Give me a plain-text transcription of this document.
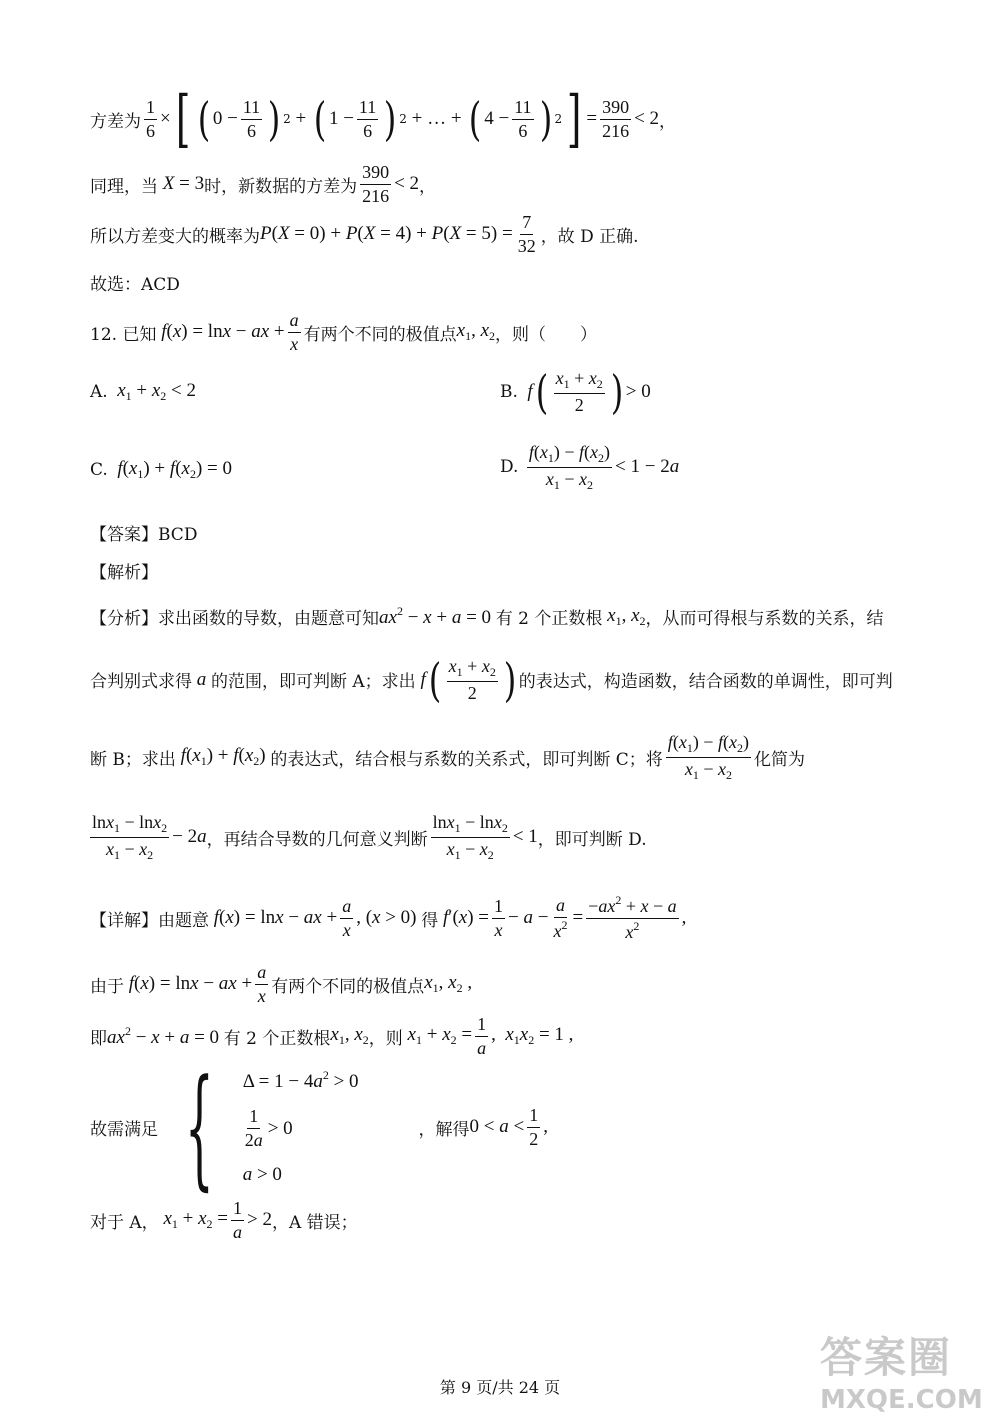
方差为 $\frac{1}{6}$ × [ ( $0 - \frac{11}{6}$ ) 2 + ( $1 - \frac{11}{6}$ ) 2 + … + ( $4 - \frac{11}{6}$ ) 2 ] = $\frac{390}{216} < 2$ ，
同理，当 X = 3 时，新数据的方差为 $\frac{390}{216} < 2$ ，
所以方差变大的概率为 $P(X = 0) + P(X = 4) + P(X = 5) = \frac{7}{32}$ ，故 D 正确.
故选：ACD
12. 已知 f(x) = lnx − ax + $\frac{a}{x}$ 有两个不同的极值点 $x_1$, $x_2$ ，则（　　）
A. $x_1 + x_2 < 2$	B. f ( $\frac{x_1 + x_2}{2}$ ) > 0
C. $f(x_1) + f(x_2) = 0$	D.
$\frac{f(x_1) - f(x_2)}{x_1 - x_2} < 1 - 2a$
【答案】BCD
【解析】
【分析】求出函数的导数，由题意可知 $ax^2 - x + a = 0$ 有 2 个正数根 $x_1$, $x_2$ ，从而可得根与系数的关系，结
合判别式求得 a 的范围，即可判断 A；求出 f ( $\frac{x_1 + x_2}{2}$ ) 的表达式，构造函数，结合函数的单调性，即可判
断 B；求出 $f(x_1) + f(x_2)$ 的表达式，结合根与系数的关系式，即可判断 C；将 $\frac{f(x_1) - f(x_2)}{x_1 - x_2}$ 化简为
$\frac{\ln x_1 - \ln x_2}{x_1 - x_2} - 2a$ ，再结合导数的几何意义判断 $\frac{\ln x_1 - \ln x_2}{x_1 - x_2} < 1$ ，即可判断 D.
【详解】由题意 f(x) = lnx − ax + $\frac{a}{x}$ , (x > 0) 得 $f'(x) = \frac{1}{x} - a - \frac{a}{x^2} = \frac{-ax^2 + x - a}{x^2}$ ,
由于 f(x) = lnx − ax + $\frac{a}{x}$ 有两个不同的极值点 $x_1$, $x_2$ ,
即 $ax^2 - x + a = 0$ 有 2 个正数根 $x_1$, $x_2$ ，则 $x_1 + x_2 = \frac{1}{a}$ ,  $x_1x_2 = 1$ ,
故需满足 { $\Delta = 1 - 4a^2 > 0$
$\frac{1}{2a} > 0$
a > 0
，解得 $0 < a < \frac{1}{2}$ ,
对于 A， $x_1 + x_2 = \frac{1}{a} > 2$ ，A 错误；
第 9 页/共 24 页
答案圈
MXQE.COM
